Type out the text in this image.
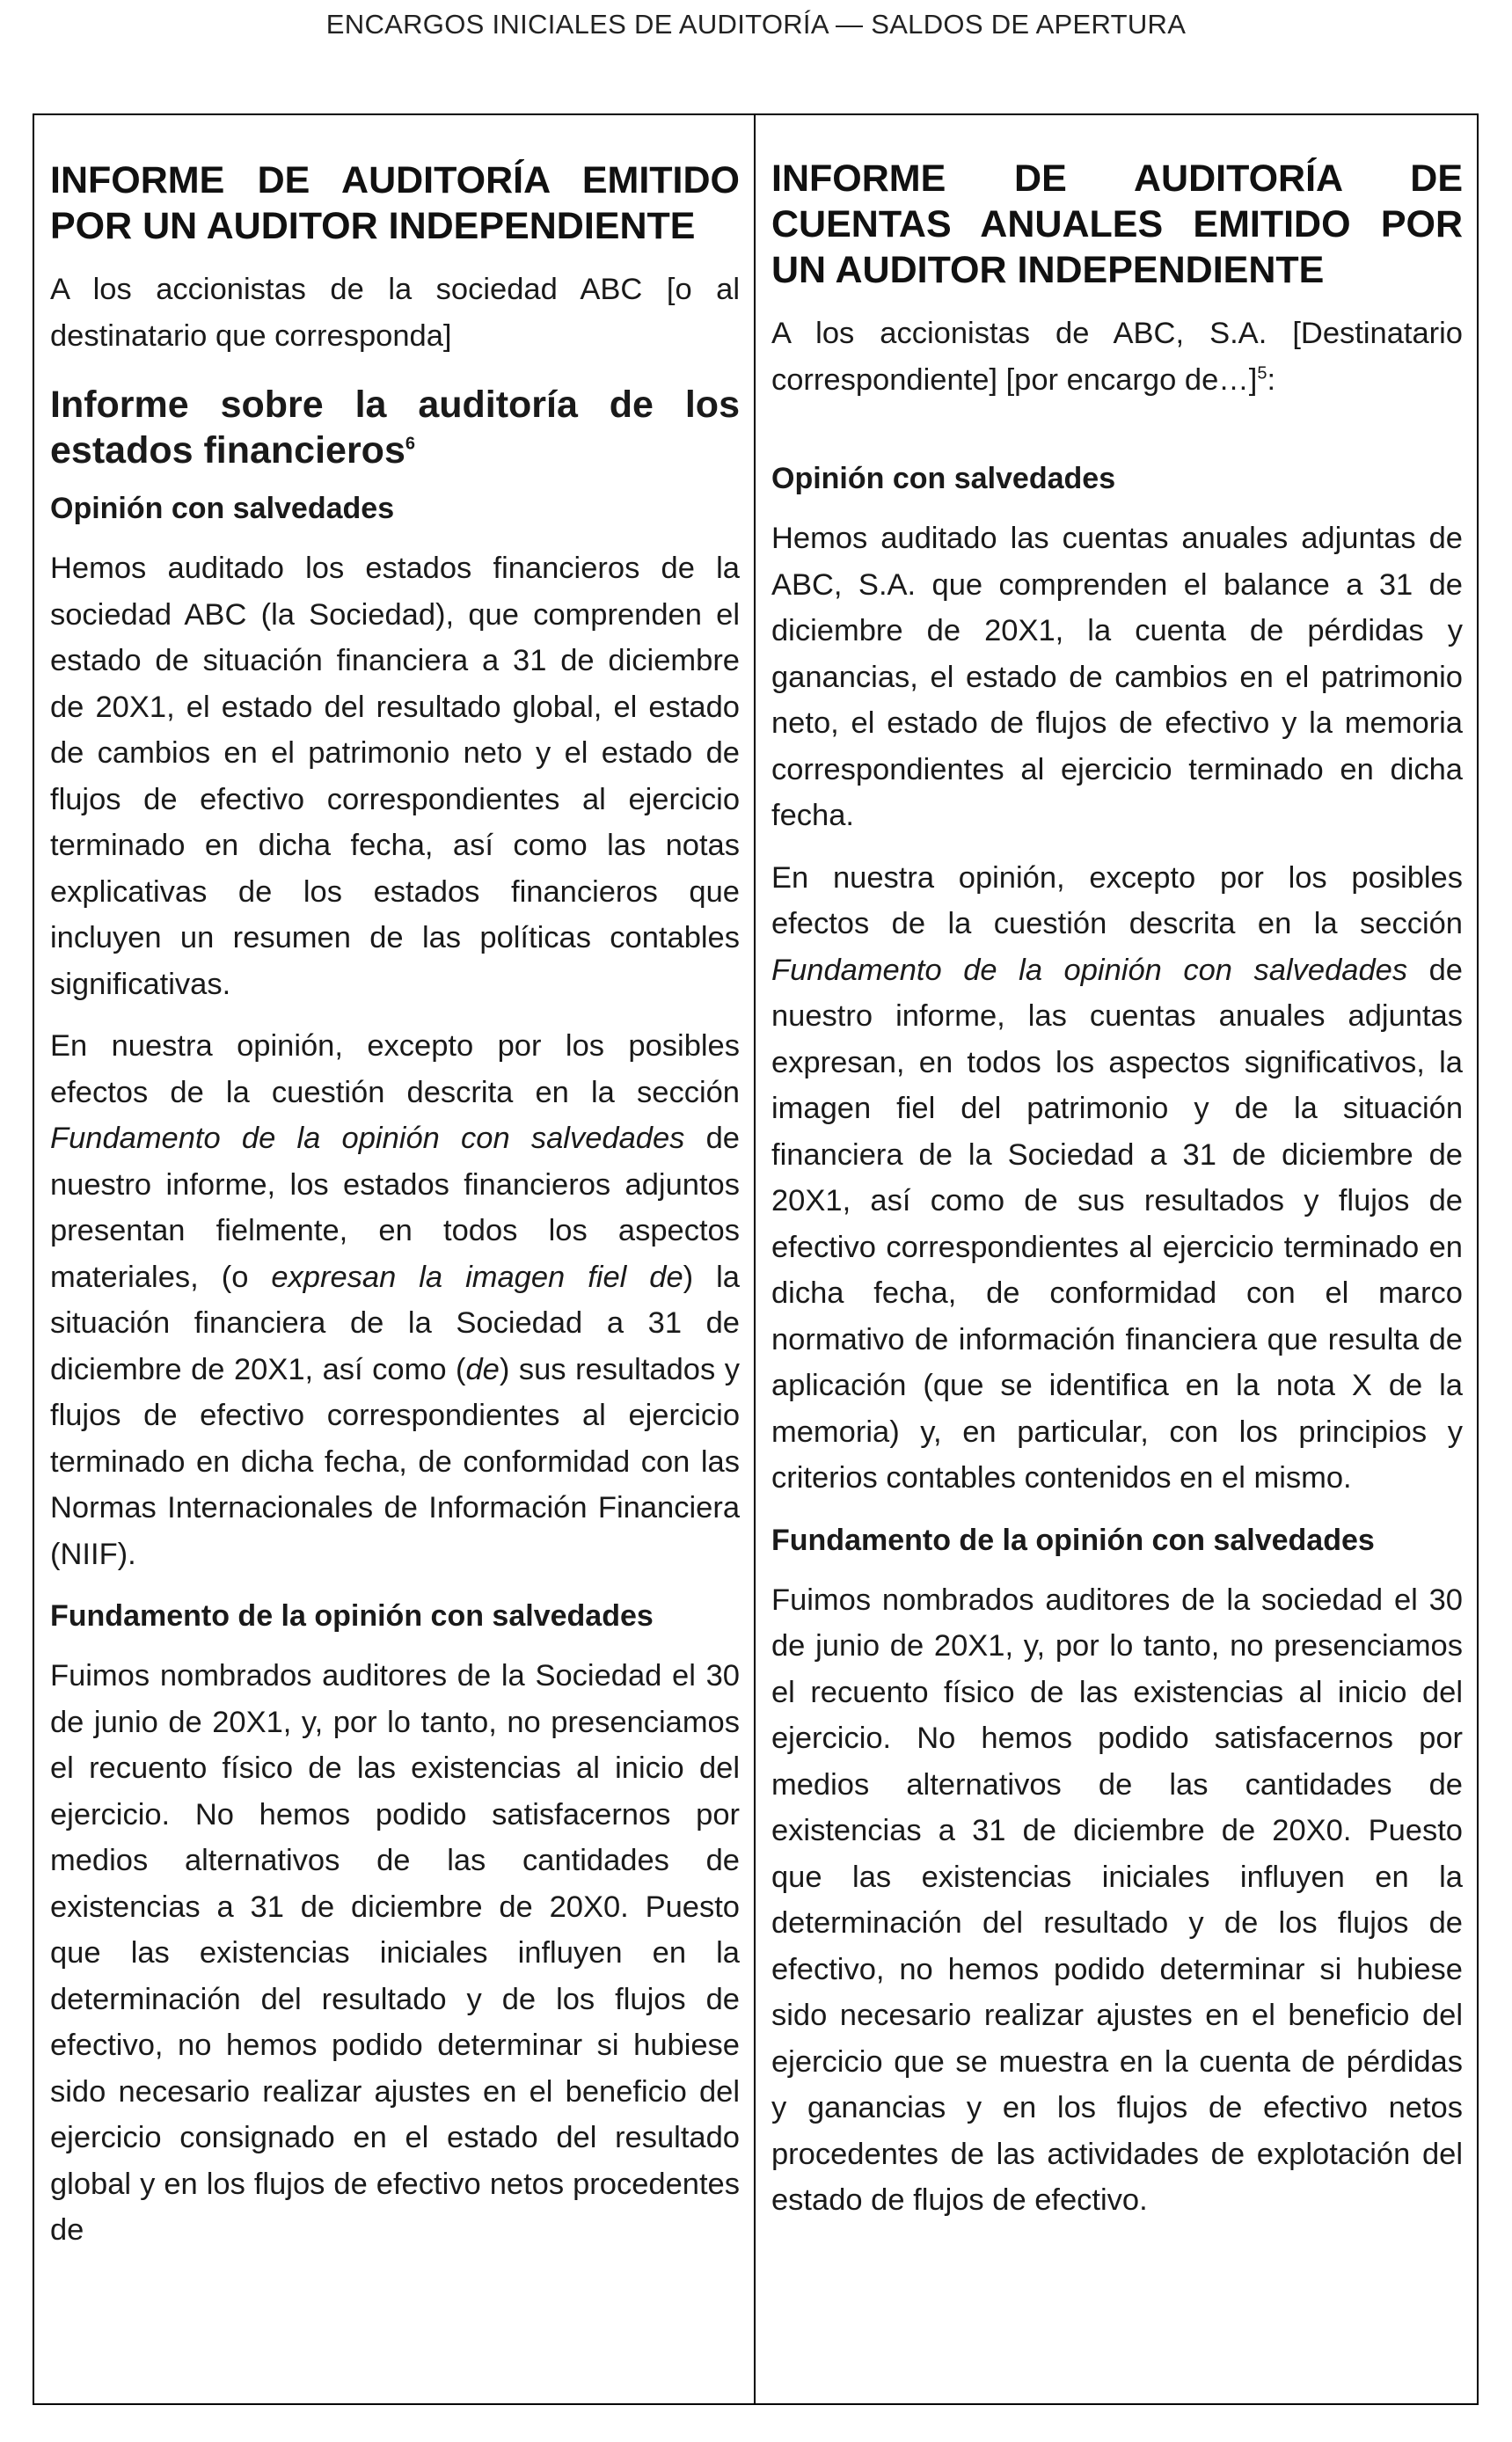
ENCARGOS INICIALES DE AUDITORÍA — SALDOS DE APERTURA
INFORME DE AUDITORÍA EMITIDO POR UN AUDITOR INDEPENDIENTE

A los accionistas de la sociedad ABC [o al destinatario que corresponda]

Informe sobre la auditoría de los estados financieros$^6$
Opinión con salvedades

Hemos auditado los estados financieros de la sociedad ABC (la Sociedad), que comprenden el estado de situación financiera a 31 de diciembre de 20X1, el estado del resultado global, el estado de cambios en el patrimonio neto y el estado de flujos de efectivo correspondientes al ejercicio terminado en dicha fecha, así como las notas explicativas de los estados financieros que incluyen un resumen de las políticas contables significativas.

En nuestra opinión, excepto por los posibles efectos de la cuestión descrita en la sección Fundamento de la opinión con salvedades de nuestro informe, los estados financieros adjuntos presentan fielmente, en todos los aspectos materiales, (o expresan la imagen fiel de) la situación financiera de la Sociedad a 31 de diciembre de 20X1, así como (de) sus resultados y flujos de efectivo correspondientes al ejercicio terminado en dicha fecha, de conformidad con las Normas Internacionales de Información Financiera (NIIF).

Fundamento de la opinión con salvedades

Fuimos nombrados auditores de la Sociedad el 30 de junio de 20X1, y, por lo tanto, no presenciamos el recuento físico de las existencias al inicio del ejercicio. No hemos podido satisfacernos por medios alternativos de las cantidades de existencias a 31 de diciembre de 20X0. Puesto que las existencias iniciales influyen en la determinación del resultado y de los flujos de efectivo, no hemos podido determinar si hubiese sido necesario realizar ajustes en el beneficio del ejercicio consignado en el estado del resultado global y en los flujos de efectivo netos procedentes de

INFORME DE AUDITORÍA DE CUENTAS ANUALES EMITIDO POR UN AUDITOR INDEPENDIENTE

A los accionistas de ABC, S.A. [Destinatario correspondiente] [por encargo de…]$^5$:

Opinión con salvedades

Hemos auditado las cuentas anuales adjuntas de ABC, S.A. que comprenden el balance a 31 de diciembre de 20X1, la cuenta de pérdidas y ganancias, el estado de cambios en el patrimonio neto, el estado de flujos de efectivo y la memoria correspondientes al ejercicio terminado en dicha fecha.

En nuestra opinión, excepto por los posibles efectos de la cuestión descrita en la sección Fundamento de la opinión con salvedades de nuestro informe, las cuentas anuales adjuntas expresan, en todos los aspectos significativos, la imagen fiel del patrimonio y de la situación financiera de la Sociedad a 31 de diciembre de 20X1, así como de sus resultados y flujos de efectivo correspondientes al ejercicio terminado en dicha fecha, de conformidad con el marco normativo de información financiera que resulta de aplicación (que se identifica en la nota X de la memoria) y, en particular, con los principios y criterios contables contenidos en el mismo.

Fundamento de la opinión con salvedades

Fuimos nombrados auditores de la sociedad el 30 de junio de 20X1, y, por lo tanto, no presenciamos el recuento físico de las existencias al inicio del ejercicio. No hemos podido satisfacernos por medios alternativos de las cantidades de existencias a 31 de diciembre de 20X0. Puesto que las existencias iniciales influyen en la determinación del resultado y de los flujos de efectivo, no hemos podido determinar si hubiese sido necesario realizar ajustes en el beneficio del ejercicio que se muestra en la cuenta de pérdidas y ganancias y en los flujos de efectivo netos procedentes de las actividades de explotación del estado de flujos de efectivo.
